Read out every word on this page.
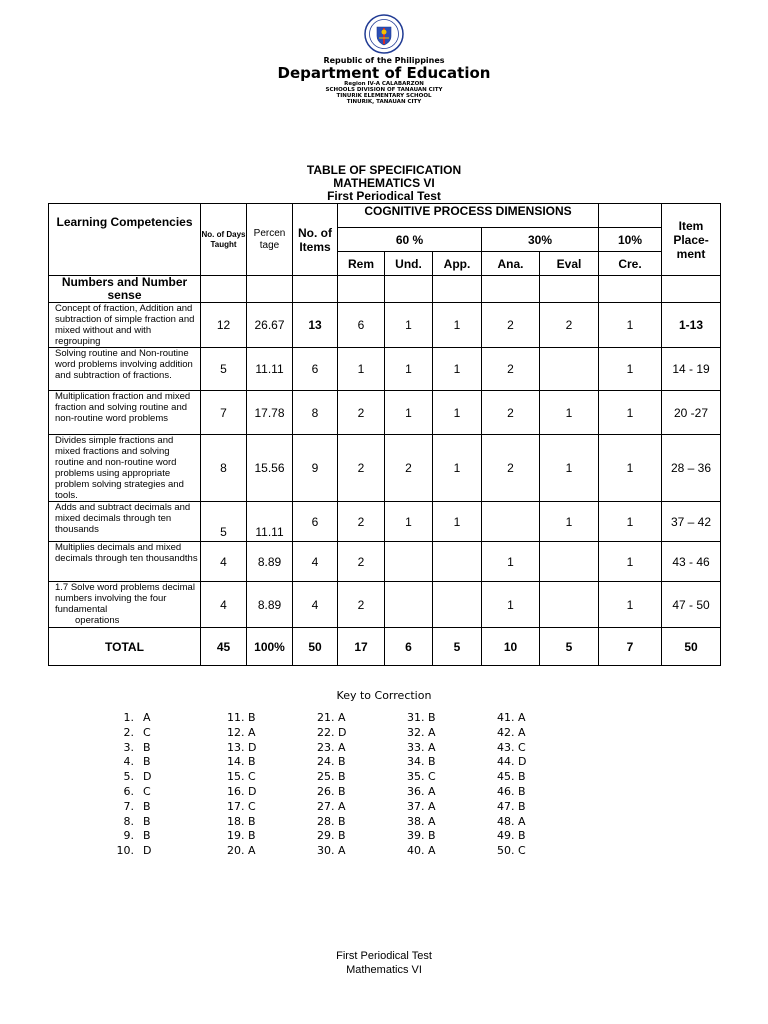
Republic of the Philippines
Department of Education
Region IV-A CALABARZON
SCHOOLS DIVISION OF TANAUAN CITY
TINURIK ELEMENTARY SCHOOL
TINURIK, TANAUAN CITY
TABLE OF SPECIFICATION
MATHEMATICS VI
First Periodical Test
Learning Competencies	No. of Days Taught	Percen tage	No. of Items	COGNITIVE PROCESS DIMENSIONS						Item Place-ment
				60 %			30%		10%	
				Rem	Und.	App.	Ana.	Eval	Cre.	
Numbers and Number sense										
Concept of fraction, Addition and subtraction of simple fraction and mixed without and with regrouping	12	26.67	13	6	1	1	2	2	1	1-13
Solving routine and Non-routine word problems involving addition and subtraction of fractions.	5	11.11	6	1	1	1	2		1	14 - 19
Multiplication fraction and mixed fraction and solving routine and non-routine word problems	7	17.78	8	2	1	1	2	1	1	20 -27
Divides simple fractions and mixed fractions and solving routine and non-routine word problems using appropriate problem solving strategies and tools.	8	15.56	9	2	2	1	2	1	1	28 – 36
Adds and subtract decimals and mixed decimals through ten thousands	5	11.11	6	2	1	1		1	1	37 – 42
Multiplies decimals and mixed decimals through ten thousandths	4	8.89	4	2			1		1	43 - 46
1.7 Solve word problems decimal numbers involving the four fundamental
operations	4	8.89	4	2			1		1	47 - 50
TOTAL	45	100%	50	17	6	5	10	5	7	50
Key to Correction
1. A
2. C
3. B
4. B
5. D
6. C
7. B
8. B
9. B
10. D
11. B
12. A
13. D
14. B
15. C
16. D
17. C
18. B
19. B
20. A
21. A
22. D
23. A
24. B
25. B
26. B
27. A
28. B
29. B
30. A
31. B
32. A
33. A
34. B
35. C
36. A
37. A
38. A
39. B
40. A
41. A
42. A
43. C
44. D
45. B
46. B
47. B
48. A
49. B
50. C
First Periodical Test
Mathematics VI
